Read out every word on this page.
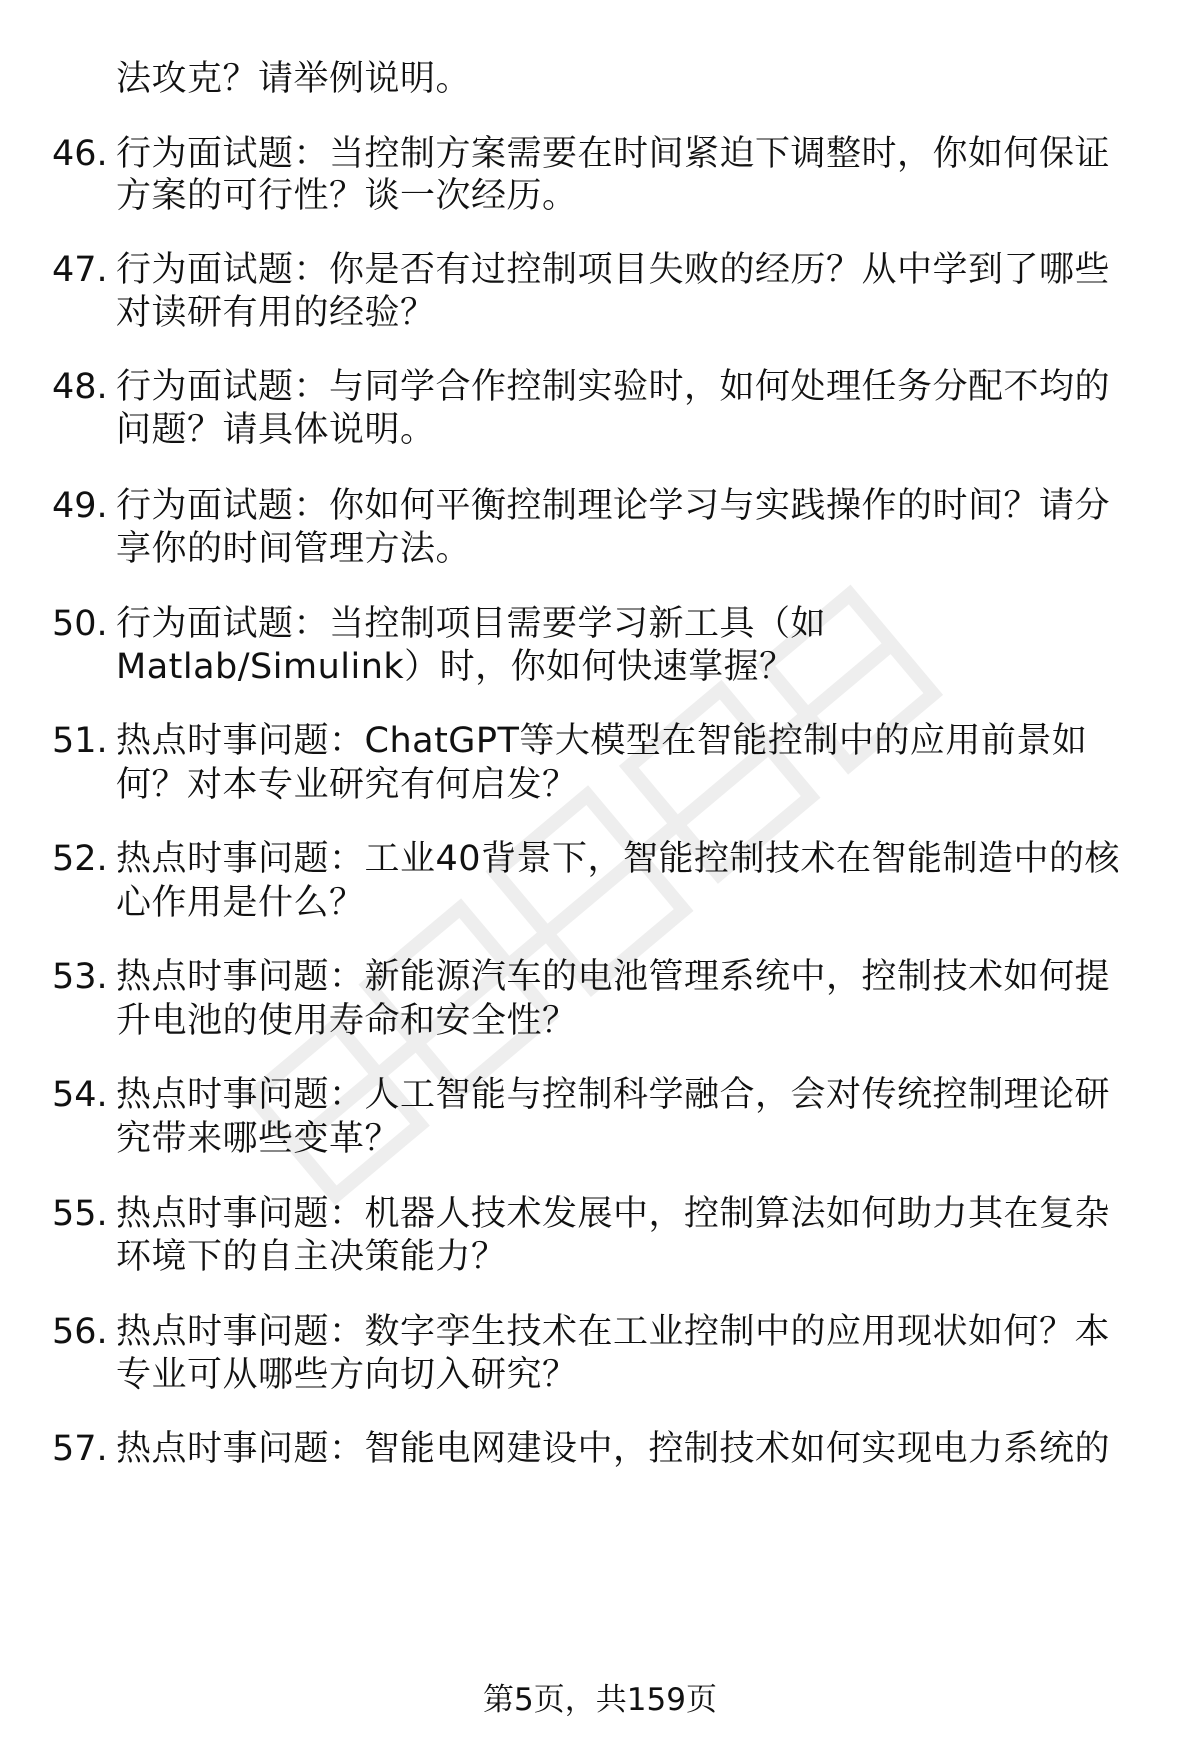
法攻克？请举例说明。
46. 行为面试题：当控制方案需要在时间紧迫下调整时，你如何保证
方案的可行性？谈一次经历。
47. 行为面试题：你是否有过控制项目失败的经历？从中学到了哪些
对读研有用的经验？
48. 行为面试题：与同学合作控制实验时，如何处理任务分配不均的
问题？请具体说明。
49. 行为面试题：你如何平衡控制理论学习与实践操作的时间？请分
享你的时间管理方法。
50. 行为面试题：当控制项目需要学习新工具（如
Matlab/Simulink）时，你如何快速掌握？
51. 热点时事问题：ChatGPT等大模型在智能控制中的应用前景如
何？对本专业研究有何启发？
52. 热点时事问题：工业40背景下，智能控制技术在智能制造中的核
心作用是什么？
53. 热点时事问题：新能源汽车的电池管理系统中，控制技术如何提
升电池的使用寿命和安全性？
54. 热点时事问题：人工智能与控制科学融合，会对传统控制理论研
究带来哪些变革？
55. 热点时事问题：机器人技术发展中，控制算法如何助力其在复杂
环境下的自主决策能力？
56. 热点时事问题：数字孪生技术在工业控制中的应用现状如何？本
专业可从哪些方向切入研究？
57. 热点时事问题：智能电网建设中，控制技术如何实现电力系统的
第5页，共159页
